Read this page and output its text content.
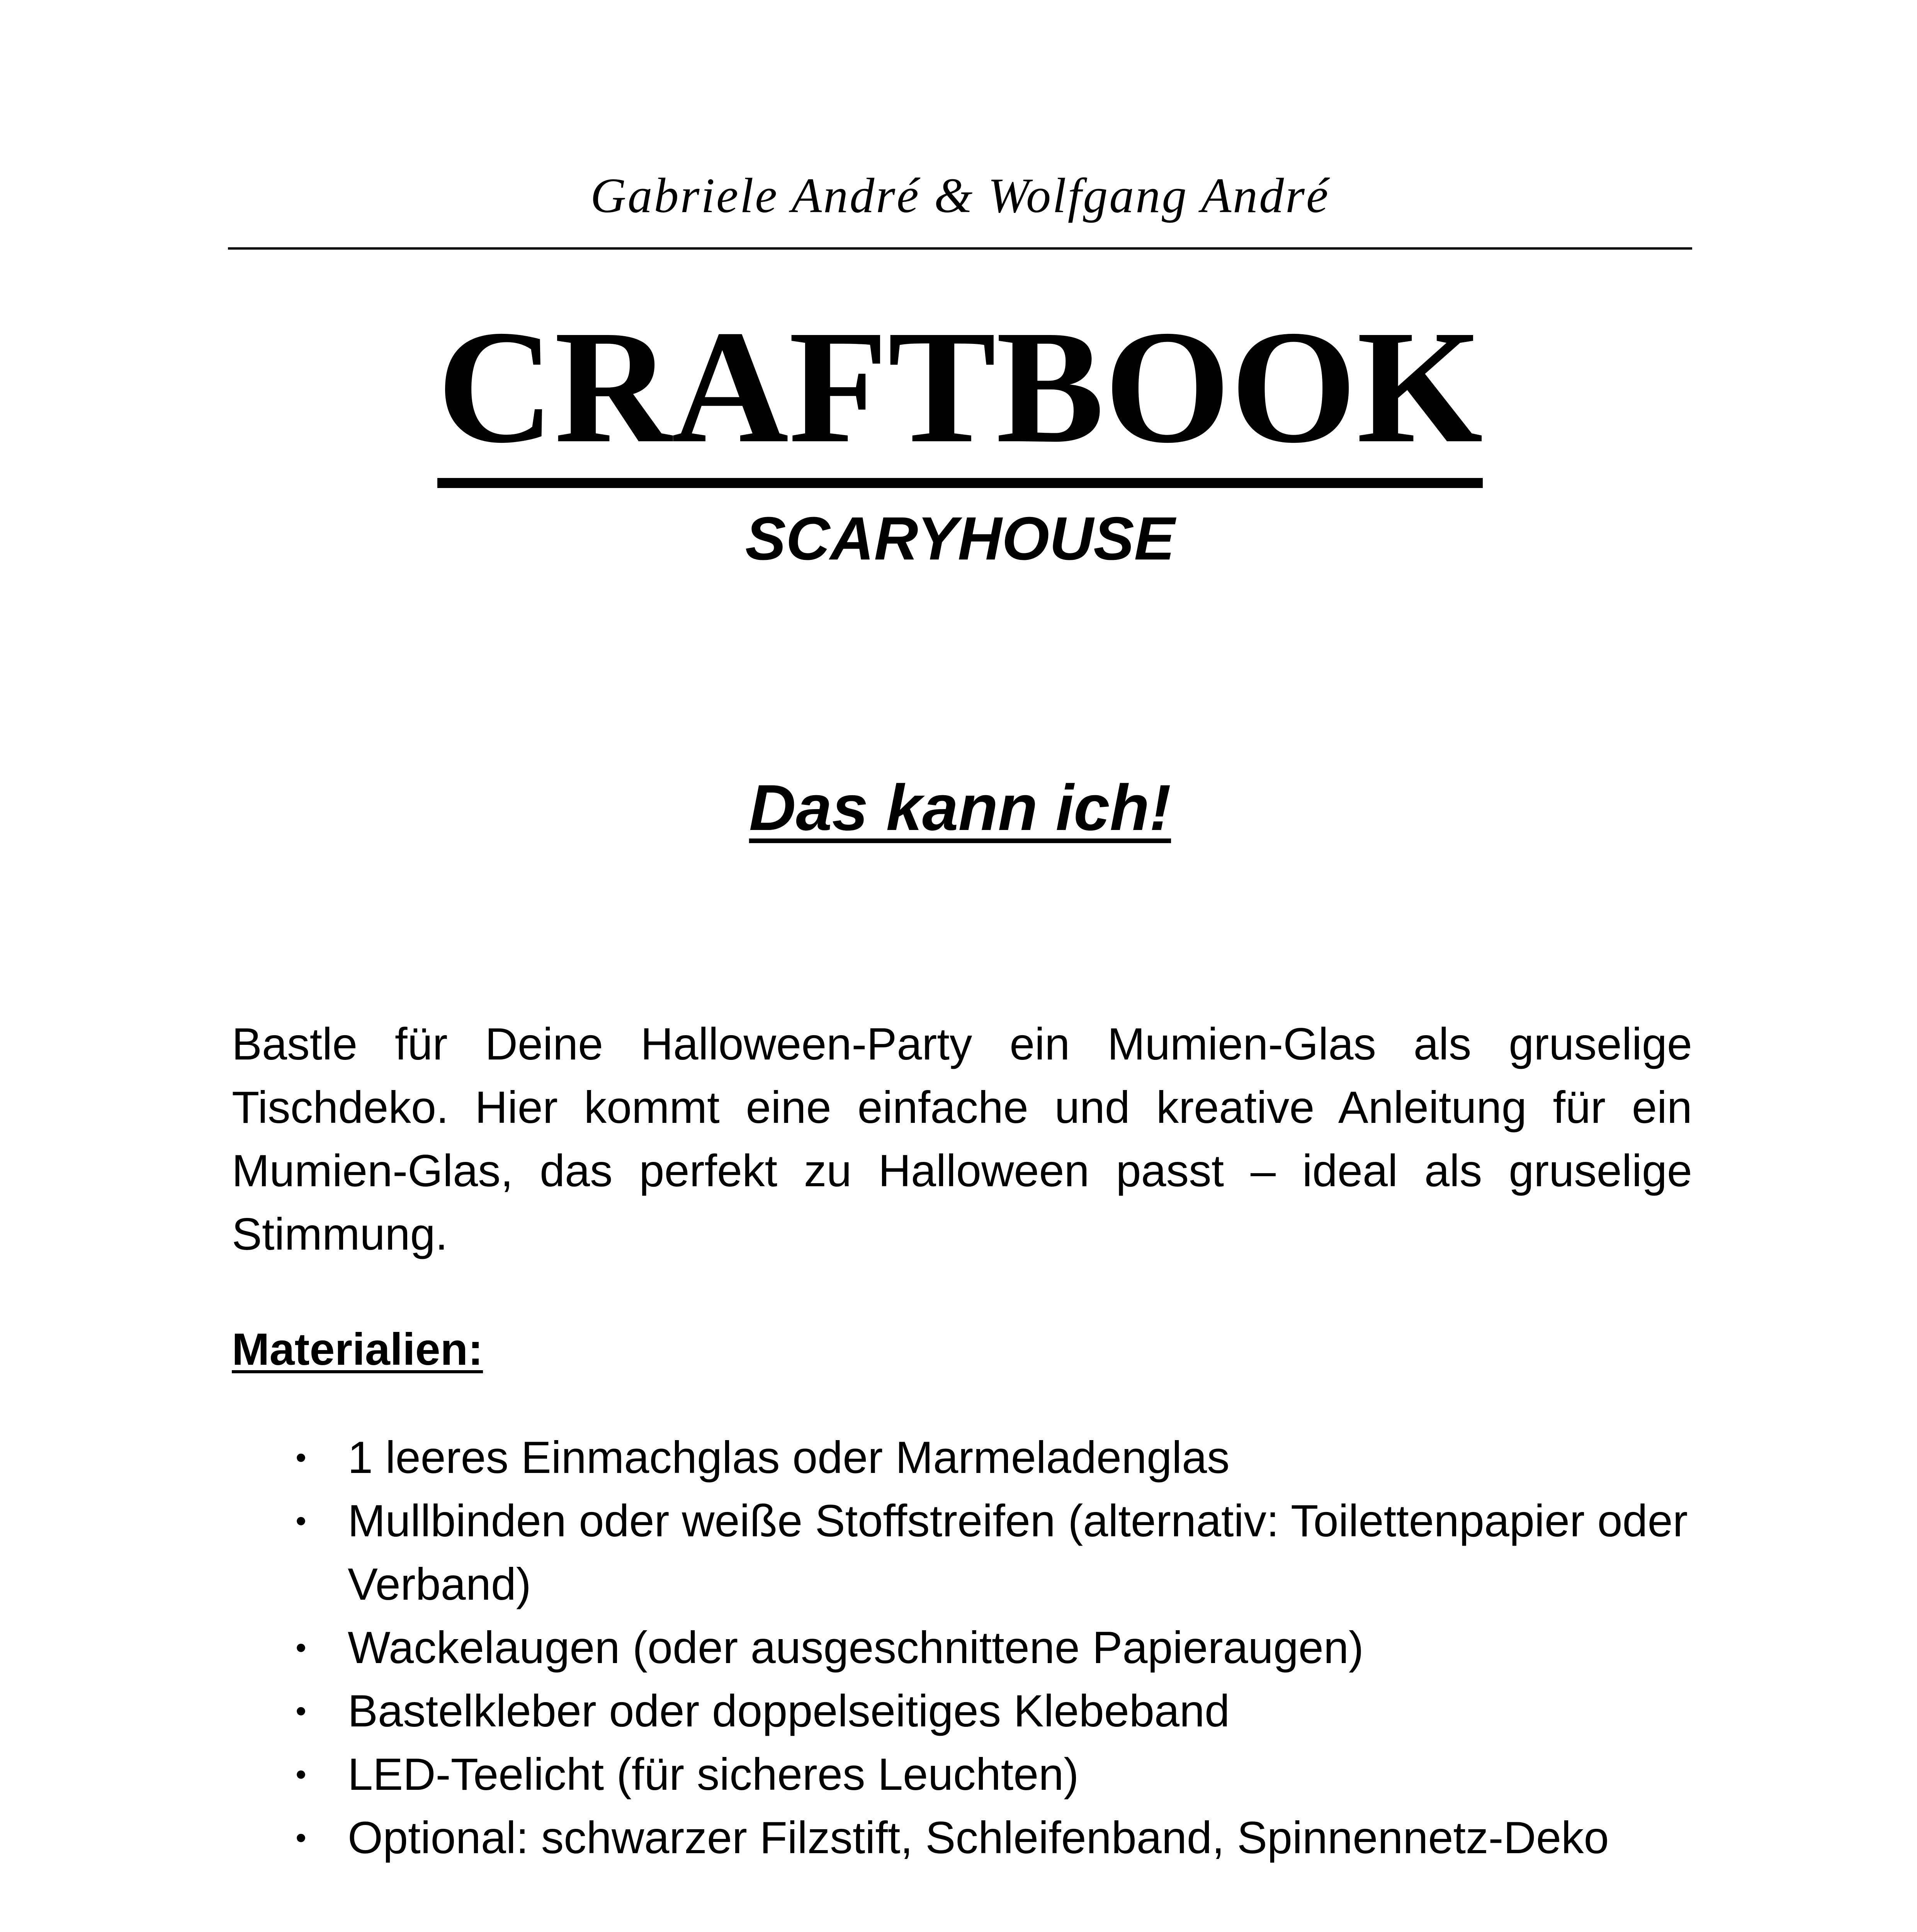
Gabriele André & Wolfgang André
CRAFTBOOK
SCARYHOUSE
Das kann ich!

Bastle für Deine Halloween-Party ein Mumien-Glas als gruselige Tischdeko. Hier kommt eine einfache und kreative Anleitung für ein Mumien-Glas, das perfekt zu Halloween passt – ideal als gruselige Stimmung.

Materialien:
• 1 leeres Einmachglas oder Marmeladenglas
• Mullbinden oder weiße Stoffstreifen (alternativ: Toilettenpapier oder Verband)
• Wackelaugen (oder ausgeschnittene Papieraugen)
• Bastelkleber oder doppelseitiges Klebeband
• LED-Teelicht (für sicheres Leuchten)
• Optional: schwarzer Filzstift, Schleifenband, Spinnennetz-Deko
